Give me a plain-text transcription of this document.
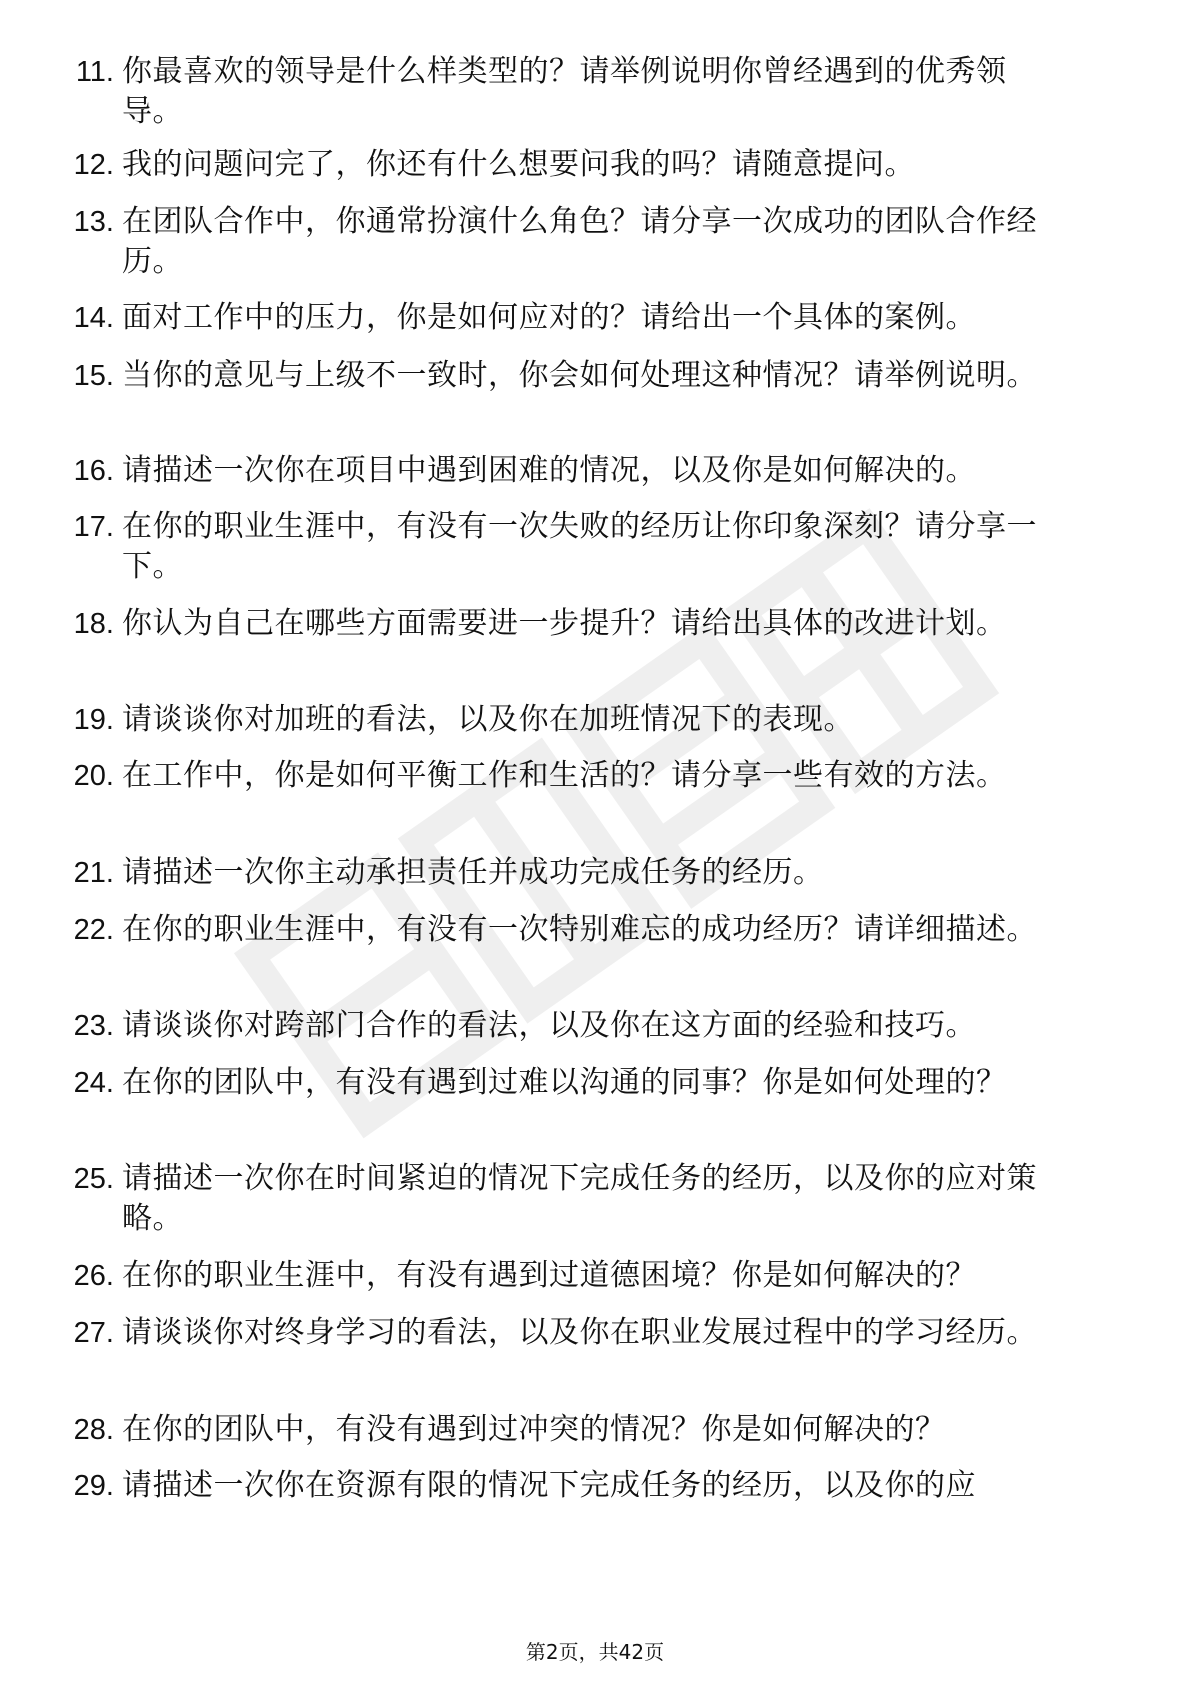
11. 你最喜欢的领导是什么样类型的？请举例说明你曾经遇到的优秀领导。
12. 我的问题问完了，你还有什么想要问我的吗？请随意提问。
13. 在团队合作中，你通常扮演什么角色？请分享一次成功的团队合作经历。
14. 面对工作中的压力，你是如何应对的？请给出一个具体的案例。
15. 当你的意见与上级不一致时，你会如何处理这种情况？请举例说明。
16. 请描述一次你在项目中遇到困难的情况，以及你是如何解决的。
17. 在你的职业生涯中，有没有一次失败的经历让你印象深刻？请分享一下。
18. 你认为自己在哪些方面需要进一步提升？请给出具体的改进计划。
19. 请谈谈你对加班的看法，以及你在加班情况下的表现。
20. 在工作中，你是如何平衡工作和生活的？请分享一些有效的方法。
21. 请描述一次你主动承担责任并成功完成任务的经历。
22. 在你的职业生涯中，有没有一次特别难忘的成功经历？请详细描述。
23. 请谈谈你对跨部门合作的看法，以及你在这方面的经验和技巧。
24. 在你的团队中，有没有遇到过难以沟通的同事？你是如何处理的？
25. 请描述一次你在时间紧迫的情况下完成任务的经历，以及你的应对策略。
26. 在你的职业生涯中，有没有遇到过道德困境？你是如何解决的？
27. 请谈谈你对终身学习的看法，以及你在职业发展过程中的学习经历。
28. 在你的团队中，有没有遇到过冲突的情况？你是如何解决的？
29. 请描述一次你在资源有限的情况下完成任务的经历，以及你的应
第2页，共42页
